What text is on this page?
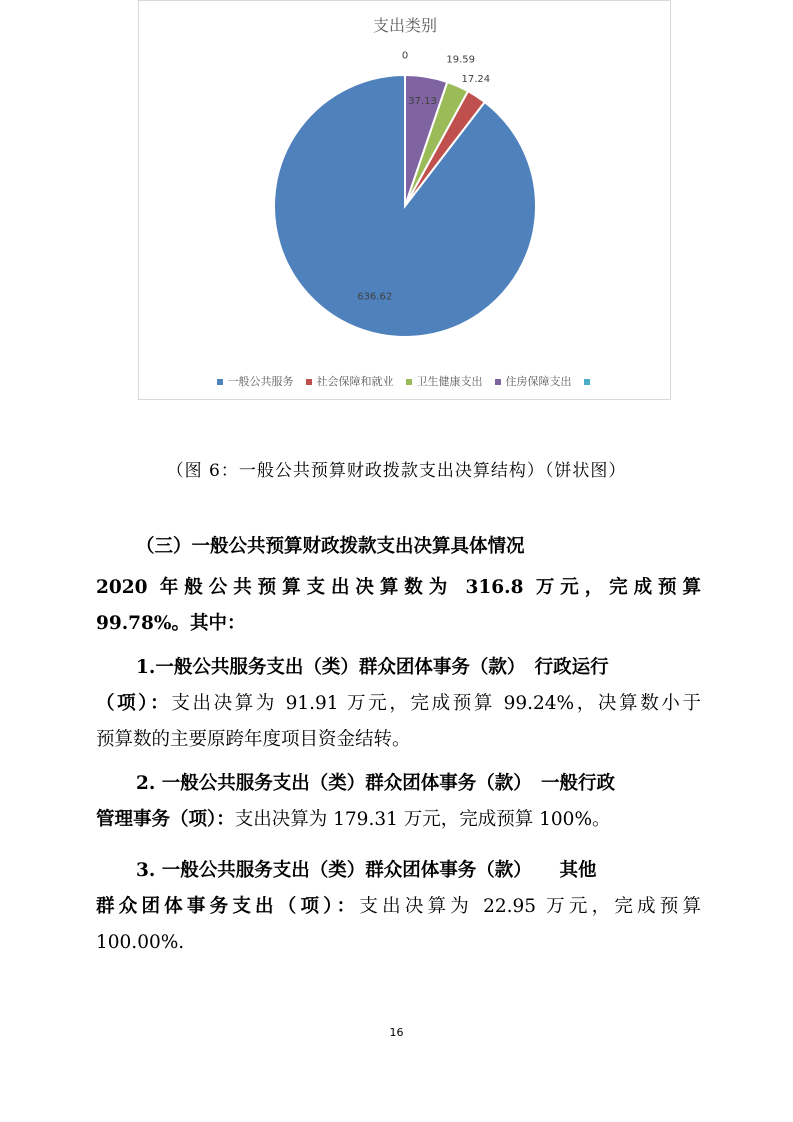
支出类别
636.62
17.24
19.59
37.13
0
一般公共服务 社会保障和就业 卫生健康支出 住房保障支出
（图 6：一般公共预算财政拨款支出决算结构）（饼状图）
（三）一般公共预算财政拨款支出决算具体情况
2020 年般公共预算支出决算数为 316.8 万元，完成预算
99.78%。其中：
1.一般公共服务支出（类）群众团体事务（款）　行政运行
（项）：支出决算为 91.91 万元，完成预算 99.24%，决算数小于
预算数的主要原跨年度项目资金结转。
2. 一般公共服务支出（类）群众团体事务（款）　一般行政
管理事务（项）：支出决算为 179.31 万元，完成预算 100%。
3. 一般公共服务支出（类）群众团体事务（款）　　其他
群众团体事务支出（项）：支出决算为 22.95 万元，完成预算
100.00%.
16
